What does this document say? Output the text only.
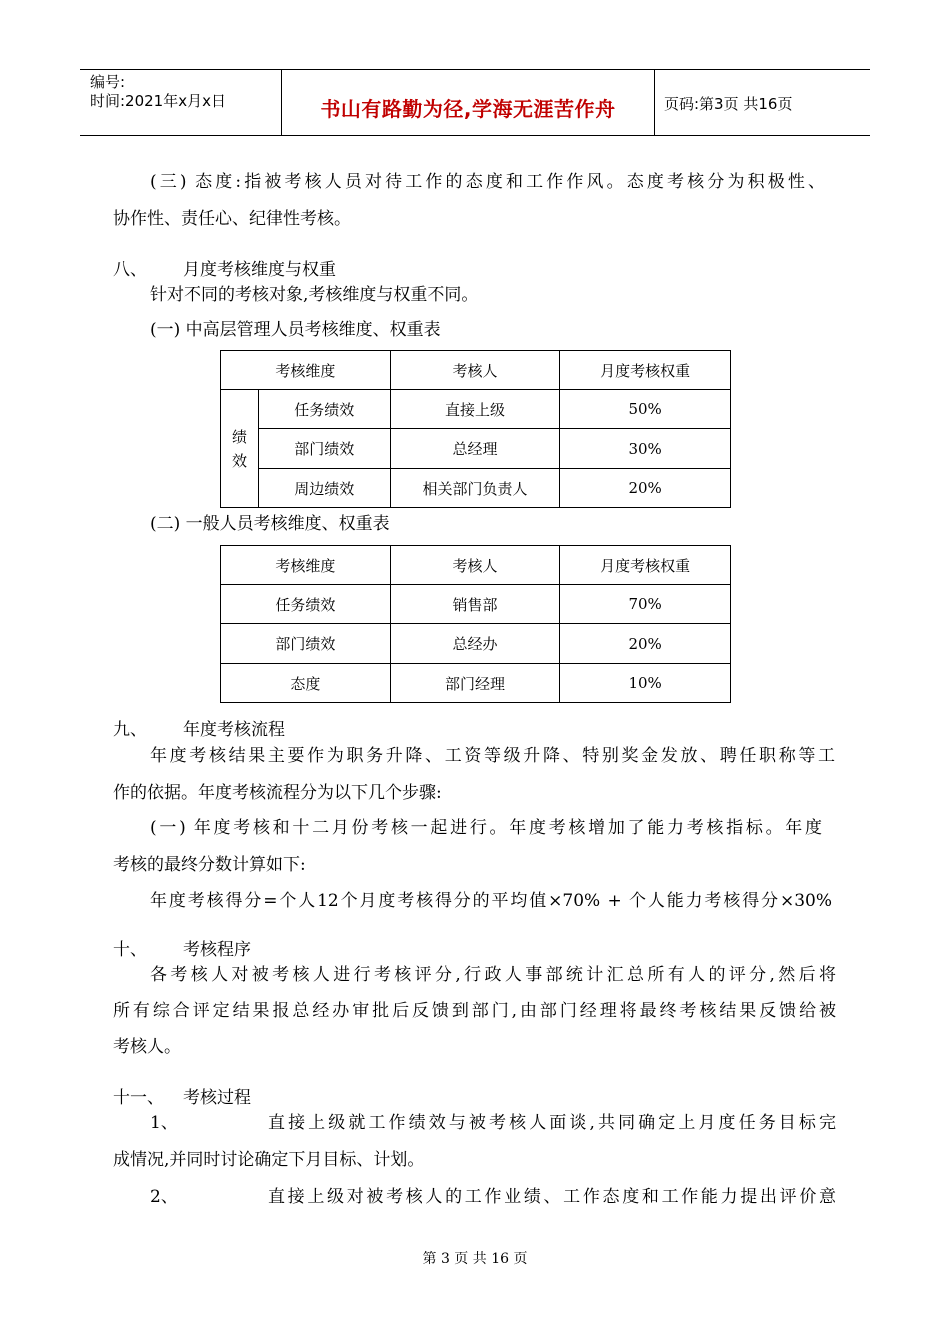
编号:
时间:2021年x月x日	书山有路勤为径,学海无涯苦作舟	页码:第3页 共16页
(三) 态度:指被考核人员对待工作的态度和工作作风。态度考核分为积极性、
协作性、责任心、纪律性考核。
八、 月度考核维度与权重
针对不同的考核对象,考核维度与权重不同。
(一) 中高层管理人员考核维度、权重表
考核维度		考核人	月度考核权重

绩
效	任务绩效	直接上级	50%
	部门绩效	总经理	30%
	周边绩效	相关部门负责人	20%
(二) 一般人员考核维度、权重表
考核维度	考核人	月度考核权重
任务绩效	销售部	70%
部门绩效	总经办	20%
态度	部门经理	10%
九、 年度考核流程
年度考核结果主要作为职务升降、工资等级升降、特别奖金发放、聘任职称等工
作的依据。年度考核流程分为以下几个步骤:
(一) 年度考核和十二月份考核一起进行。年度考核增加了能力考核指标。年度
考核的最终分数计算如下:
年度考核得分=个人12个月度考核得分的平均值×70% + 个人能力考核得分×30%
十、 考核程序
各考核人对被考核人进行考核评分,行政人事部统计汇总所有人的评分,然后将
所有综合评定结果报总经办审批后反馈到部门,由部门经理将最终考核结果反馈给被
考核人。
十一、 考核过程
1、	直接上级就工作绩效与被考核人面谈,共同确定上月度任务目标完
成情况,并同时讨论确定下月目标、计划。
2、	直接上级对被考核人的工作业绩、工作态度和工作能力提出评价意
第 3 页 共 16 页
